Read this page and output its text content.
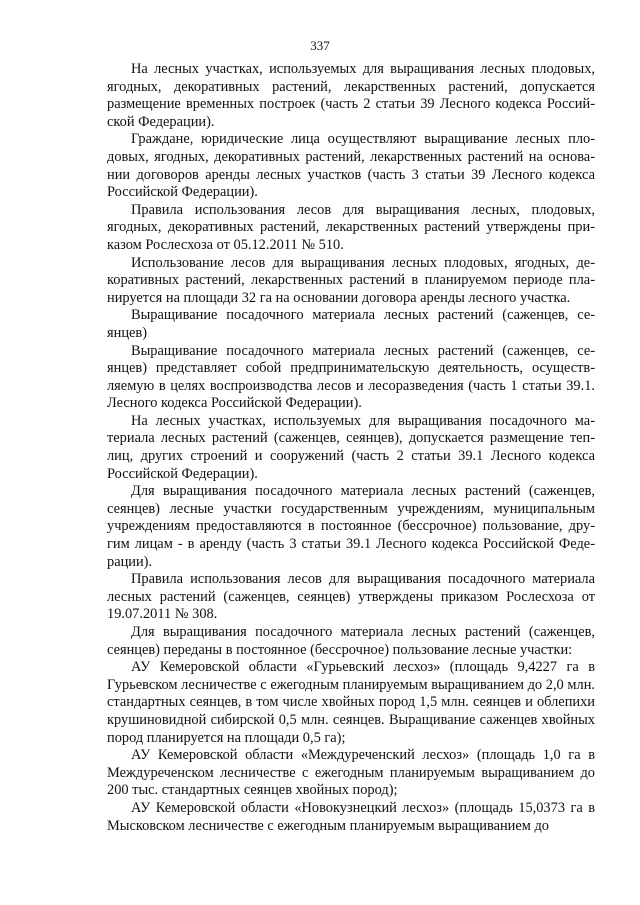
337

На лесных участках, используемых для выращивания лесных плодовых, ягодных, декоративных растений, лекарственных растений, допускается размещение временных построек (часть 2 статьи 39 Лесного кодекса Российской Федерации).

Граждане, юридические лица осуществляют выращивание лесных плодовых, ягодных, декоративных растений, лекарственных растений на основании договоров аренды лесных участков (часть 3 статьи 39 Лесного кодекса Российской Федерации).

Правила использования лесов для выращивания лесных, плодовых, ягодных, декоративных растений, лекарственных растений утверждены приказом Рослесхоза от 05.12.2011 № 510.

Использование лесов для выращивания лесных плодовых, ягодных, декоративных растений, лекарственных растений в планируемом периоде планируется на площади 32 га на основании договора аренды лесного участка.

Выращивание посадочного материала лесных растений (саженцев, сеянцев)

Выращивание посадочного материала лесных растений (саженцев, сеянцев) представляет собой предпринимательскую деятельность, осуществляемую в целях воспроизводства лесов и лесоразведения (часть 1 статьи 39.1. Лесного кодекса Российской Федерации).

На лесных участках, используемых для выращивания посадочного материала лесных растений (саженцев, сеянцев), допускается размещение теплиц, других строений и сооружений (часть 2 статьи 39.1 Лесного кодекса Российской Федерации).

Для выращивания посадочного материала лесных растений (саженцев, сеянцев) лесные участки государственным учреждениям, муниципальным учреждениям предоставляются в постоянное (бессрочное) пользование, другим лицам - в аренду (часть 3 статьи 39.1 Лесного кодекса Российской Федерации).

Правила использования лесов для выращивания посадочного материала лесных растений (саженцев, сеянцев) утверждены приказом Рослесхоза от 19.07.2011 № 308.

Для выращивания посадочного материала лесных растений (саженцев, сеянцев) переданы в постоянное (бессрочное) пользование лесные участки:

АУ Кемеровской области «Гурьевский лесхоз» (площадь 9,4227 га в Гурьевском лесничестве с ежегодным планируемым выращиванием до 2,0 млн. стандартных сеянцев, в том числе хвойных пород 1,5 млн. сеянцев и облепихи крушиновидной сибирской 0,5 млн. сеянцев. Выращивание саженцев хвойных пород планируется на площади 0,5 га);

АУ Кемеровской области «Междуреченский лесхоз» (площадь 1,0 га в Междуреченском лесничестве с ежегодным планируемым выращиванием до 200 тыс. стандартных сеянцев хвойных пород);

АУ Кемеровской области «Новокузнецкий лесхоз» (площадь 15,0373 га в Мысковском лесничестве с ежегодным планируемым выращиванием до
